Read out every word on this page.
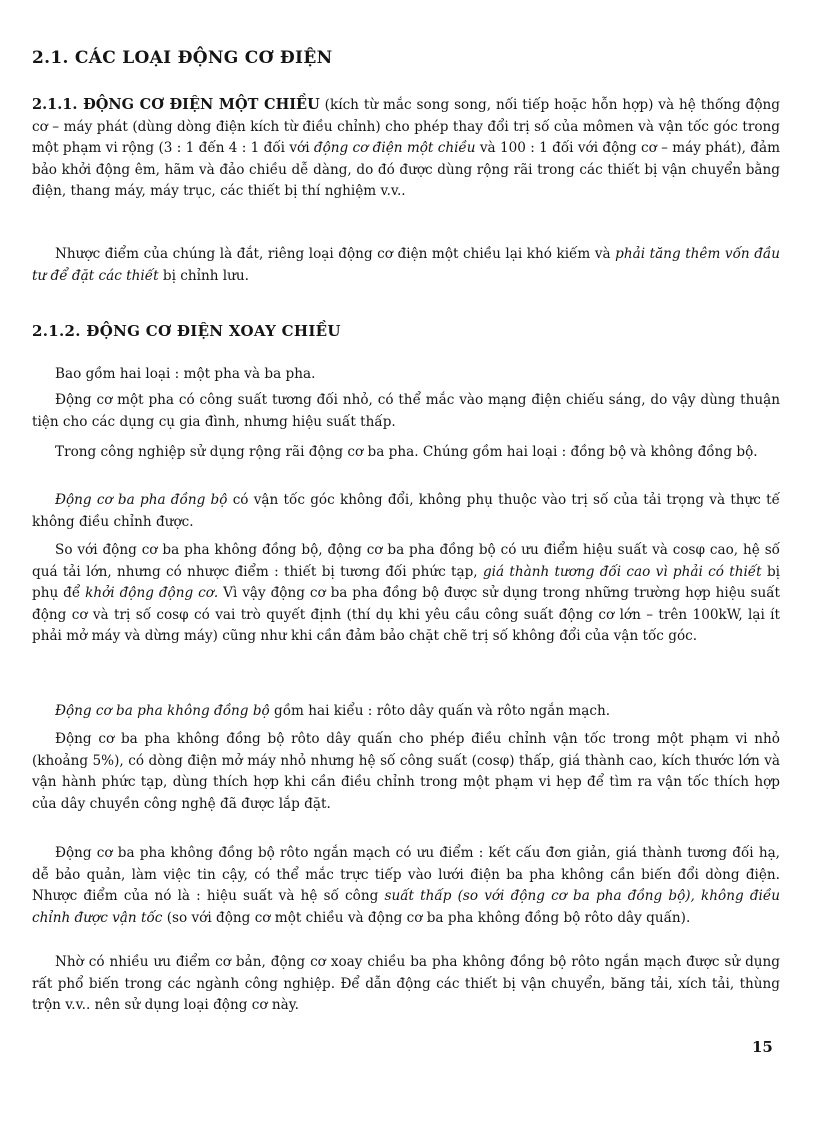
2.1. CÁC LOẠI ĐỘNG CƠ ĐIỆN

2.1.1. ĐỘNG CƠ ĐIỆN MỘT CHIỀU (kích từ mắc song song, nối tiếp hoặc hỗn hợp) và hệ thống động cơ – máy phát (dùng dòng điện kích từ điều chỉnh) cho phép thay đổi trị số của mômen và vận tốc góc trong một phạm vi rộng (3 : 1 đến 4 : 1 đối với động cơ điện một chiều và 100 : 1 đối với động cơ – máy phát), đảm bảo khởi động êm, hãm và đảo chiều dễ dàng, do đó được dùng rộng rãi trong các thiết bị vận chuyển bằng điện, thang máy, máy trục, các thiết bị thí nghiệm v.v..

Nhược điểm của chúng là đắt, riêng loại động cơ điện một chiều lại khó kiếm và phải tăng thêm vốn đầu tư để đặt các thiết bị chỉnh lưu.

2.1.2. ĐỘNG CƠ ĐIỆN XOAY CHIỀU

Bao gồm hai loại : một pha và ba pha.

Động cơ một pha có công suất tương đối nhỏ, có thể mắc vào mạng điện chiếu sáng, do vậy dùng thuận tiện cho các dụng cụ gia đình, nhưng hiệu suất thấp.

Trong công nghiệp sử dụng rộng rãi động cơ ba pha. Chúng gồm hai loại : đồng bộ và không đồng bộ.

Động cơ ba pha đồng bộ có vận tốc góc không đổi, không phụ thuộc vào trị số của tải trọng và thực tế không điều chỉnh được.

So với động cơ ba pha không đồng bộ, động cơ ba pha đồng bộ có ưu điểm hiệu suất và cosφ cao, hệ số quá tải lớn, nhưng có nhược điểm : thiết bị tương đối phức tạp, giá thành tương đối cao vì phải có thiết bị phụ để khởi động động cơ. Vì vậy động cơ ba pha đồng bộ được sử dụng trong những trường hợp hiệu suất động cơ và trị số cosφ có vai trò quyết định (thí dụ khi yêu cầu công suất động cơ lớn – trên 100kW, lại ít phải mở máy và dừng máy) cũng như khi cần đảm bảo chặt chẽ trị số không đổi của vận tốc góc.

Động cơ ba pha không đồng bộ gồm hai kiểu : rôto dây quấn và rôto ngắn mạch.

Động cơ ba pha không đồng bộ rôto dây quấn cho phép điều chỉnh vận tốc trong một phạm vi nhỏ (khoảng 5%), có dòng điện mở máy nhỏ nhưng hệ số công suất (cosφ) thấp, giá thành cao, kích thước lớn và vận hành phức tạp, dùng thích hợp khi cần điều chỉnh trong một phạm vi hẹp để tìm ra vận tốc thích hợp của dây chuyền công nghệ đã được lắp đặt.

Động cơ ba pha không đồng bộ rôto ngắn mạch có ưu điểm : kết cấu đơn giản, giá thành tương đối hạ, dễ bảo quản, làm việc tin cậy, có thể mắc trực tiếp vào lưới điện ba pha không cần biến đổi dòng điện. Nhược điểm của nó là : hiệu suất và hệ số công suất thấp (so với động cơ ba pha đồng bộ), không điều chỉnh được vận tốc (so với động cơ một chiều và động cơ ba pha không đồng bộ rôto dây quấn).

Nhờ có nhiều ưu điểm cơ bản, động cơ xoay chiều ba pha không đồng bộ rôto ngắn mạch được sử dụng rất phổ biến trong các ngành công nghiệp. Để dẫn động các thiết bị vận chuyển, băng tải, xích tải, thùng trộn v.v.. nên sử dụng loại động cơ này.

15
